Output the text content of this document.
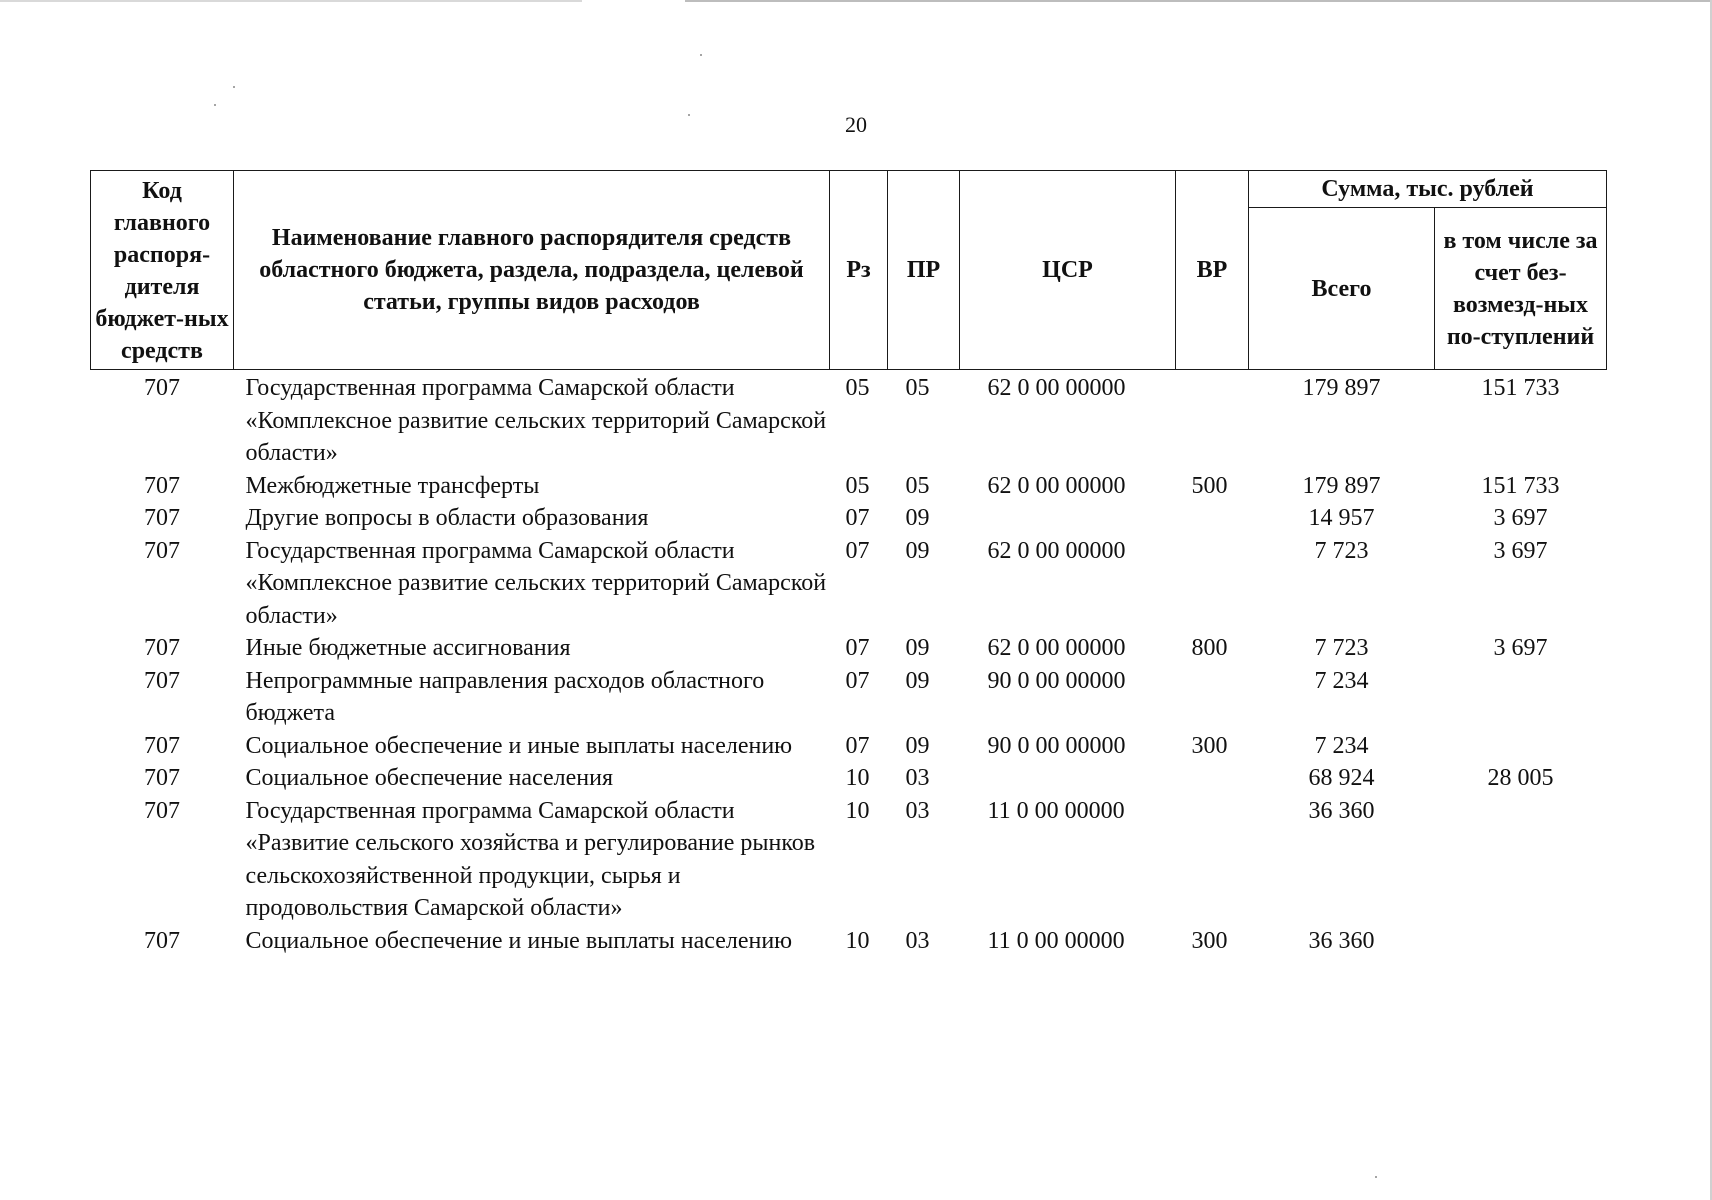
20
Код главного распоря-дителя бюджет-ных средств	Наименование главного распорядителя средств областного бюджета, раздела, подраздела, целевой статьи, группы видов расходов	Рз	ПР	ЦСР	ВР	Сумма, тыс. рублей	
						Всего	в том числе за счет без-возмезд-ных по-ступлений
707	Государственная программа Самарской области «Комплексное развитие сельских территорий Самарской области»	05	05	62 0 00 00000		179 897	151 733
707	Межбюджетные трансферты	05	05	62 0 00 00000	500	179 897	151 733
707	Другие вопросы в области образования	07	09			14 957	3 697
707	Государственная программа Самарской области «Комплексное развитие сельских территорий Самарской области»	07	09	62 0 00 00000		7 723	3 697
707	Иные бюджетные ассигнования	07	09	62 0 00 00000	800	7 723	3 697
707	Непрограммные направления расходов областного бюджета	07	09	90 0 00 00000		7 234	
707	Социальное обеспечение и иные выплаты населению	07	09	90 0 00 00000	300	7 234	
707	Социальное обеспечение населения	10	03			68 924	28 005
707	Государственная программа Самарской области «Развитие сельского хозяйства и регулирование рынков сельскохозяйственной продукции, сырья и продовольствия Самарской области»	10	03	11 0 00 00000		36 360	
707	Социальное обеспечение и иные выплаты населению	10	03	11 0 00 00000	300	36 360	
